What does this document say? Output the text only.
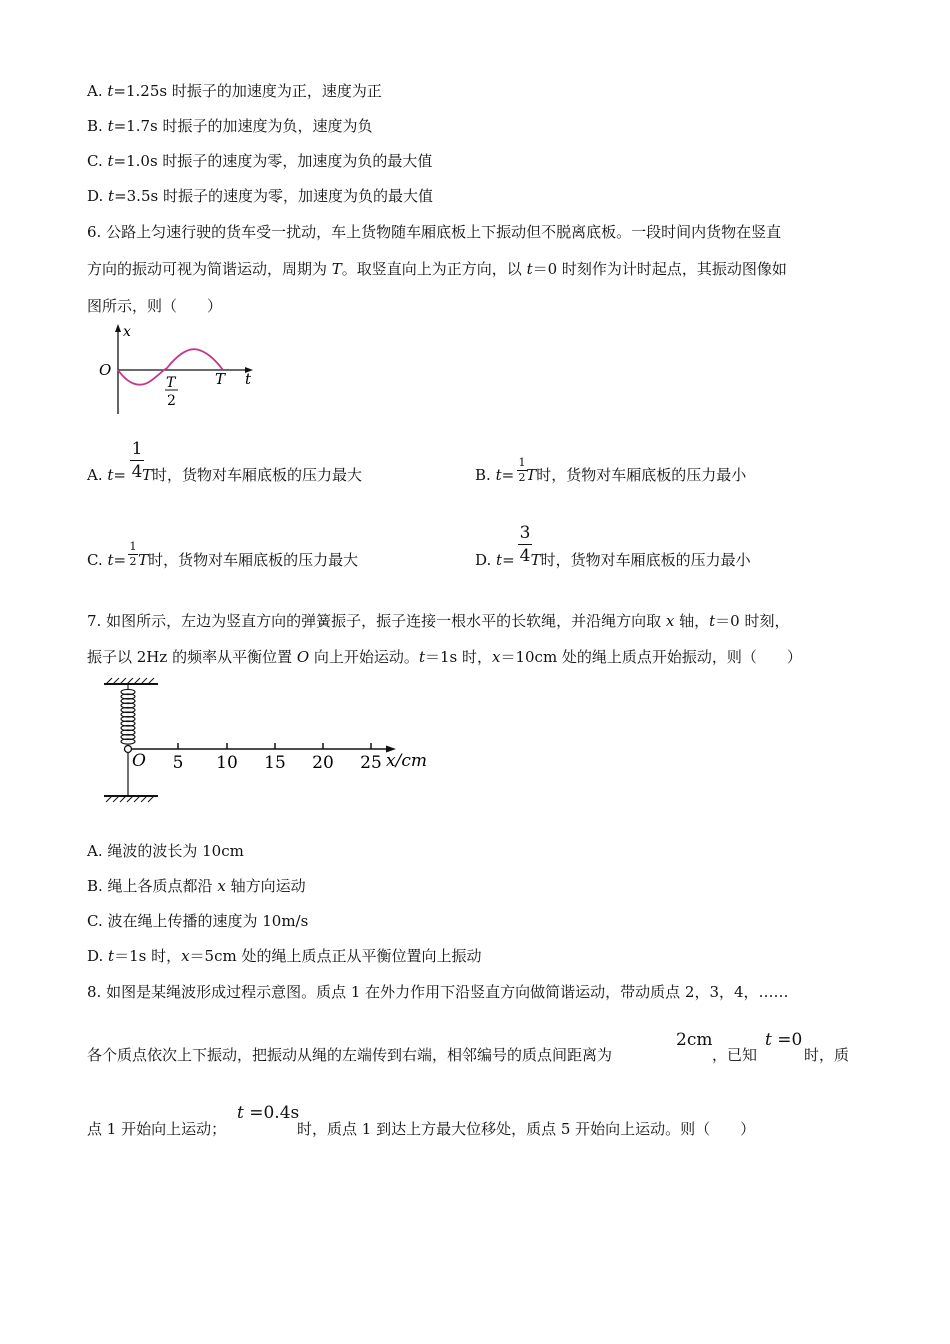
A. t=1.25s 时振子的加速度为正，速度为正
B. t=1.7s 时振子的加速度为负，速度为负
C. t=1.0s 时振子的速度为零，加速度为负的最大值
D. t=3.5s 时振子的速度为零，加速度为负的最大值
6. 公路上匀速行驶的货车受一扰动，车上货物随车厢底板上下振动但不脱离底板。一段时间内货物在竖直
方向的振动可视为简谐运动，周期为 T。取竖直向上为正方向，以 t＝0 时刻作为计时起点，其振动图像如
图所示，则（　　）
x
O	t
T
2
T
A. t= T时，货物对车厢底板的压力最大
1
4	B. t= T时，货物对车厢底板的压力最小
1
2
C. t= T时，货物对车厢底板的压力最大
1
2	D. t= T时，货物对车厢底板的压力最小
3
4
7. 如图所示，左边为竖直方向的弹簧振子，振子连接一根水平的长软绳，并沿绳方向取 x 轴，t＝0 时刻，
振子以 2Hz 的频率从平衡位置 O 向上开始运动。t＝1s 时，x＝10cm 处的绳上质点开始振动，则（　　）
O 5 10 15 20 25 x/cm
A. 绳波的波长为 10cm
B. 绳上各质点都沿 x 轴方向运动
C. 波在绳上传播的速度为 10m/s
D. t＝1s 时，x＝5cm 处的绳上质点正从平衡位置向上振动
8. 如图是某绳波形成过程示意图。质点 1 在外力作用下沿竖直方向做简谐运动，带动质点 2，3，4，……
各个质点依次上下振动，把振动从绳的左端传到右端，相邻编号的质点间距离为
2cm
，已知
t =0
时，质
点 1 开始向上运动；
t =0.4s
时，质点 1 到达上方最大位移处，质点 5 开始向上运动。则（　　）
